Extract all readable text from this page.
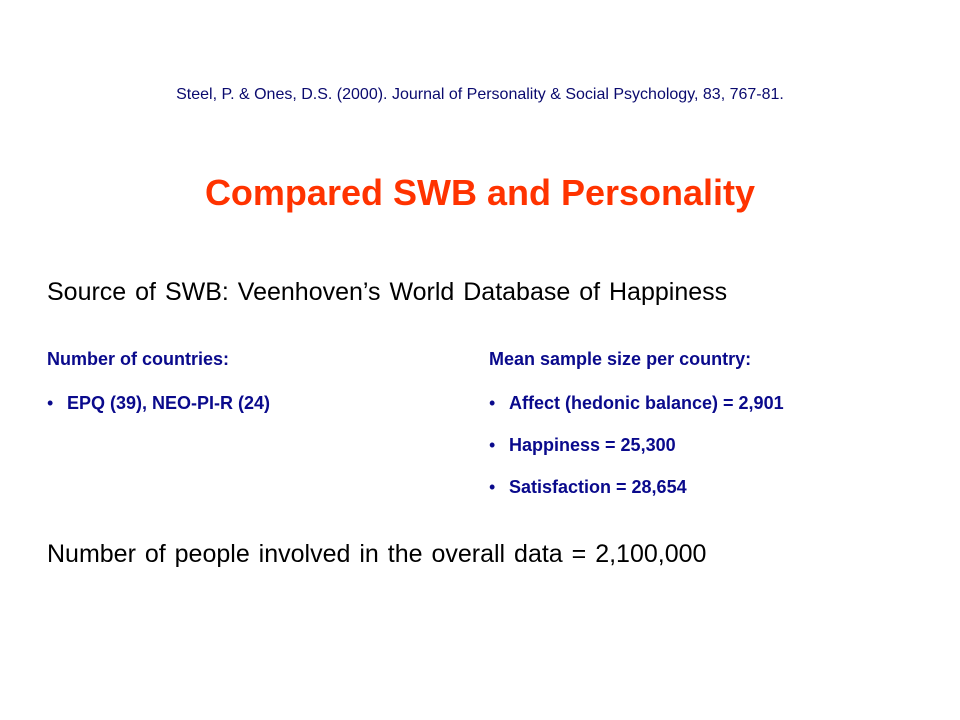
Steel, P. & Ones, D.S. (2000). Journal of Personality & Social Psychology, 83, 767-81.
Compared SWB and Personality
Source of SWB: Veenhoven’s World Database of Happiness

Number of countries:

• EPQ (39), NEO-PI-R (24)

Mean sample size per country:

• Affect (hedonic balance) = 2,901
• Happiness = 25,300
• Satisfaction = 28,654
Number of people involved in the overall data = 2,100,000
